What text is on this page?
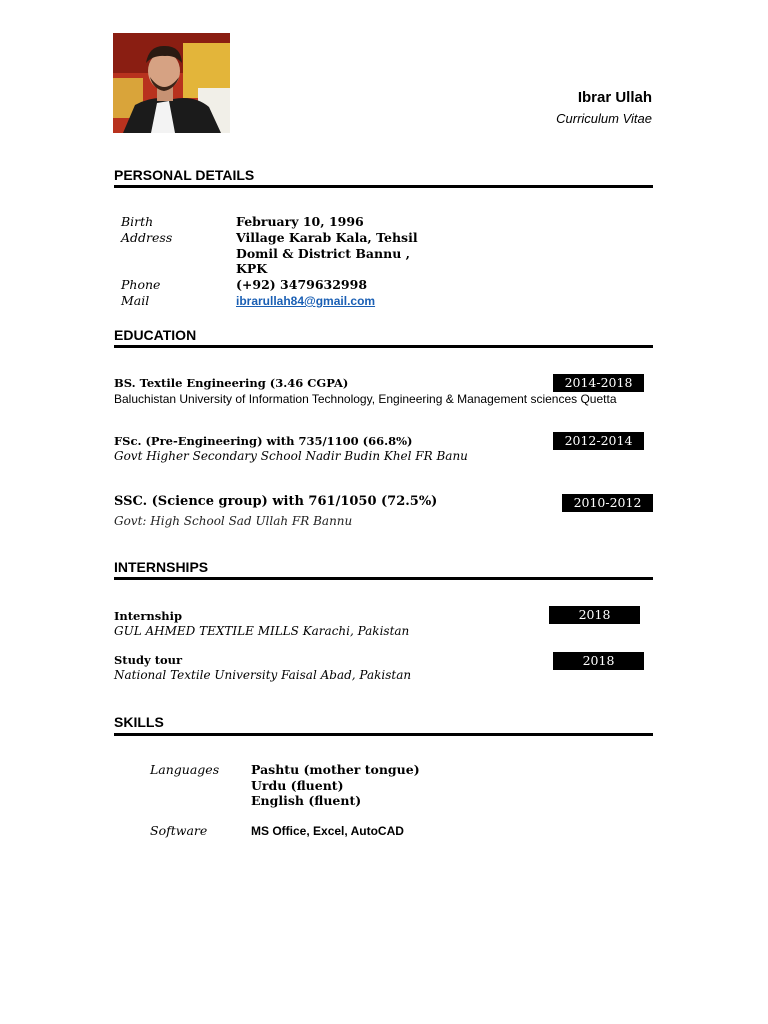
Ibrar Ullah
Curriculum Vitae
PERSONAL DETAILS
Birth	February 10, 1996
Address	Village Karab Kala, Tehsil
Domil & District Bannu ,
KPK
Phone	(+92) 3479632998
Mail	ibrarullah84@gmail.com
EDUCATION
BS. Textile Engineering (3.46 CGPA)	2014-2018
Baluchistan University of Information Technology, Engineering & Management sciences Quetta
FSc. (Pre-Engineering) with 735/1100 (66.8%)	2012-2014
Govt Higher Secondary School Nadir Budin Khel FR Banu
SSC. (Science group) with 761/1050 (72.5%)	2010-2012
Govt: High School Sad Ullah FR Bannu
INTERNSHIPS
Internship	2018
GUL AHMED TEXTILE MILLS Karachi, Pakistan
Study tour	2018
National Textile University Faisal Abad, Pakistan
SKILLS
Languages	Pashtu (mother tongue)
Urdu (fluent)
English (fluent)
Software	MS Office, Excel, AutoCAD
